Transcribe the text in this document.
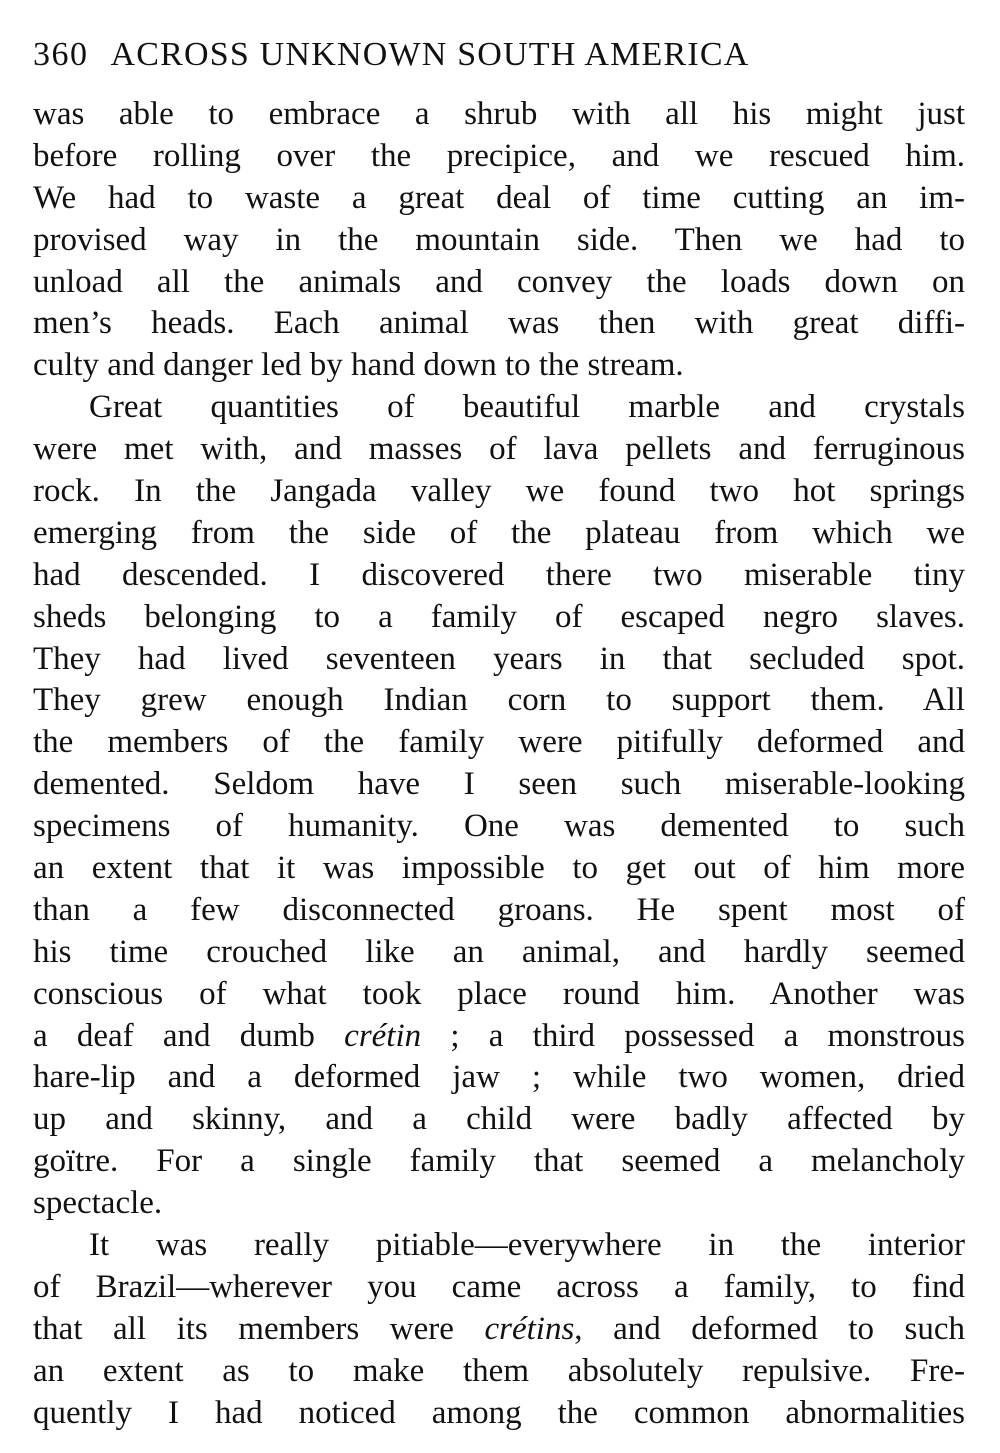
360 ACROSS UNKNOWN SOUTH AMERICA
was able to embrace a shrub with all his might just
before rolling over the precipice, and we rescued him.
We had to waste a great deal of time cutting an im-
provised way in the mountain side. Then we had to
unload all the animals and convey the loads down on
men’s heads. Each animal was then with great diffi-
culty and danger led by hand down to the stream.
Great quantities of beautiful marble and crystals
were met with, and masses of lava pellets and ferruginous
rock. In the Jangada valley we found two hot springs
emerging from the side of the plateau from which we
had descended. I discovered there two miserable tiny
sheds belonging to a family of escaped negro slaves.
They had lived seventeen years in that secluded spot.
They grew enough Indian corn to support them. All
the members of the family were pitifully deformed and
demented. Seldom have I seen such miserable-looking
specimens of humanity. One was demented to such
an extent that it was impossible to get out of him more
than a few disconnected groans. He spent most of
his time crouched like an animal, and hardly seemed
conscious of what took place round him. Another was
a deaf and dumb crétin ; a third possessed a monstrous
hare-lip and a deformed jaw ; while two women, dried
up and skinny, and a child were badly affected by
goïtre. For a single family that seemed a melancholy
spectacle.
It was really pitiable—everywhere in the interior
of Brazil—wherever you came across a family, to find
that all its members were crétins, and deformed to such
an extent as to make them absolutely repulsive. Fre-
quently I had noticed among the common abnormalities
